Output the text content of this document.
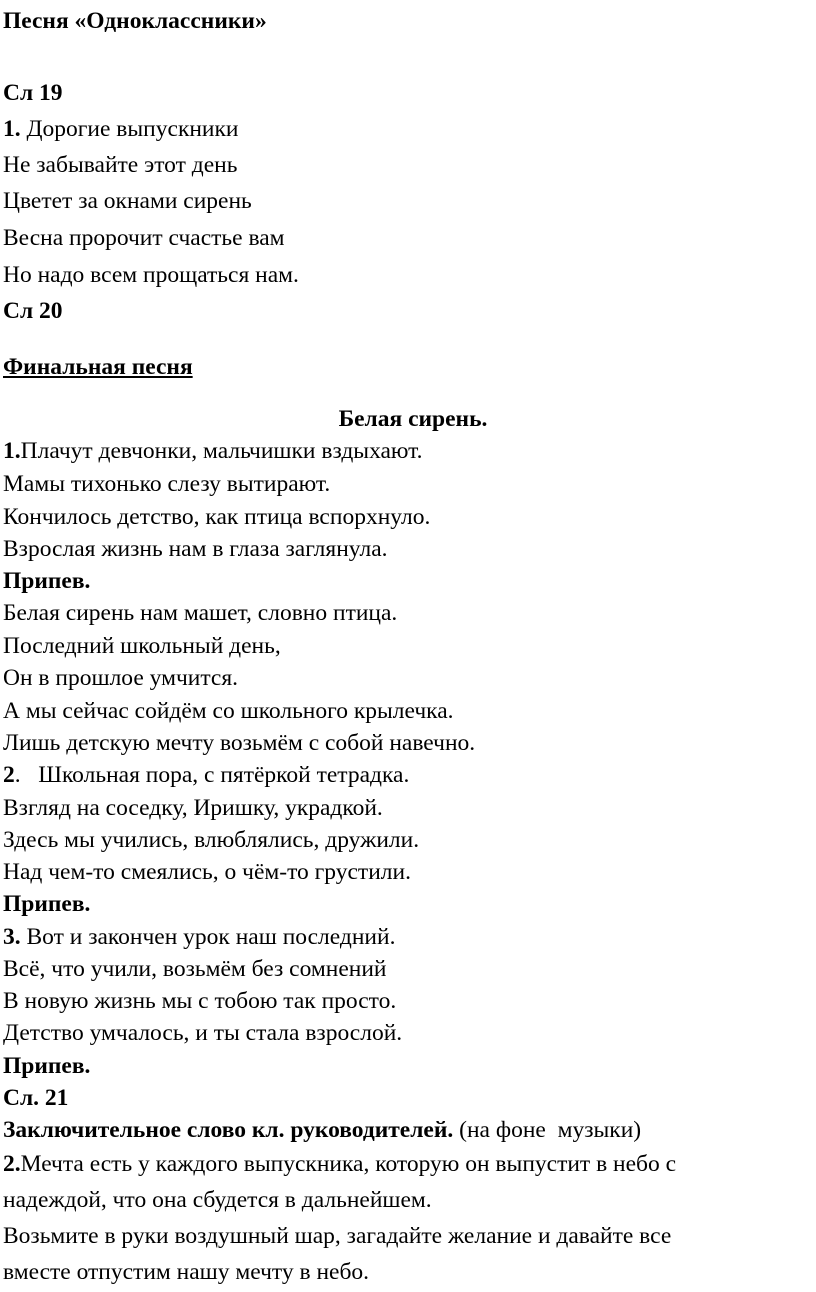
Песня «Одноклассники»
Сл 19
1. Дорогие выпускники
Не забывайте этот день
Цветет за окнами сирень
Весна пророчит счастье вам
Но надо всем прощаться нам.
Сл 20
Финальная песня
Белая сирень.
1.Плачут девчонки, мальчишки вздыхают.
Мамы тихонько слезу вытирают.
Кончилось детство, как птица вспорхнуло.
Взрослая жизнь нам в глаза заглянула.
Припев.
Белая сирень нам машет, словно птица.
Последний школьный день,
Он в прошлое умчится.
А мы сейчас сойдём со школьного крылечка.
Лишь детскую мечту возьмём с собой навечно.
2.   Школьная пора, с пятёркой тетрадка.
Взгляд на соседку, Иришку, украдкой.
Здесь мы учились, влюблялись, дружили.
Над чем-то смеялись, о чём-то грустили.
Припев.
3. Вот и закончен урок наш последний.
Всё, что учили, возьмём без сомнений
В новую жизнь мы с тобою так просто.
Детство умчалось, и ты стала взрослой.
Припев.
Сл. 21
Заключительное слово кл. руководителей. (на фоне  музыки)
2.Мечта есть у каждого выпускника, которую он выпустит в небо с
надеждой, что она сбудется в дальнейшем.
Возьмите в руки воздушный шар, загадайте желание и давайте все
вместе отпустим нашу мечту в небо.
